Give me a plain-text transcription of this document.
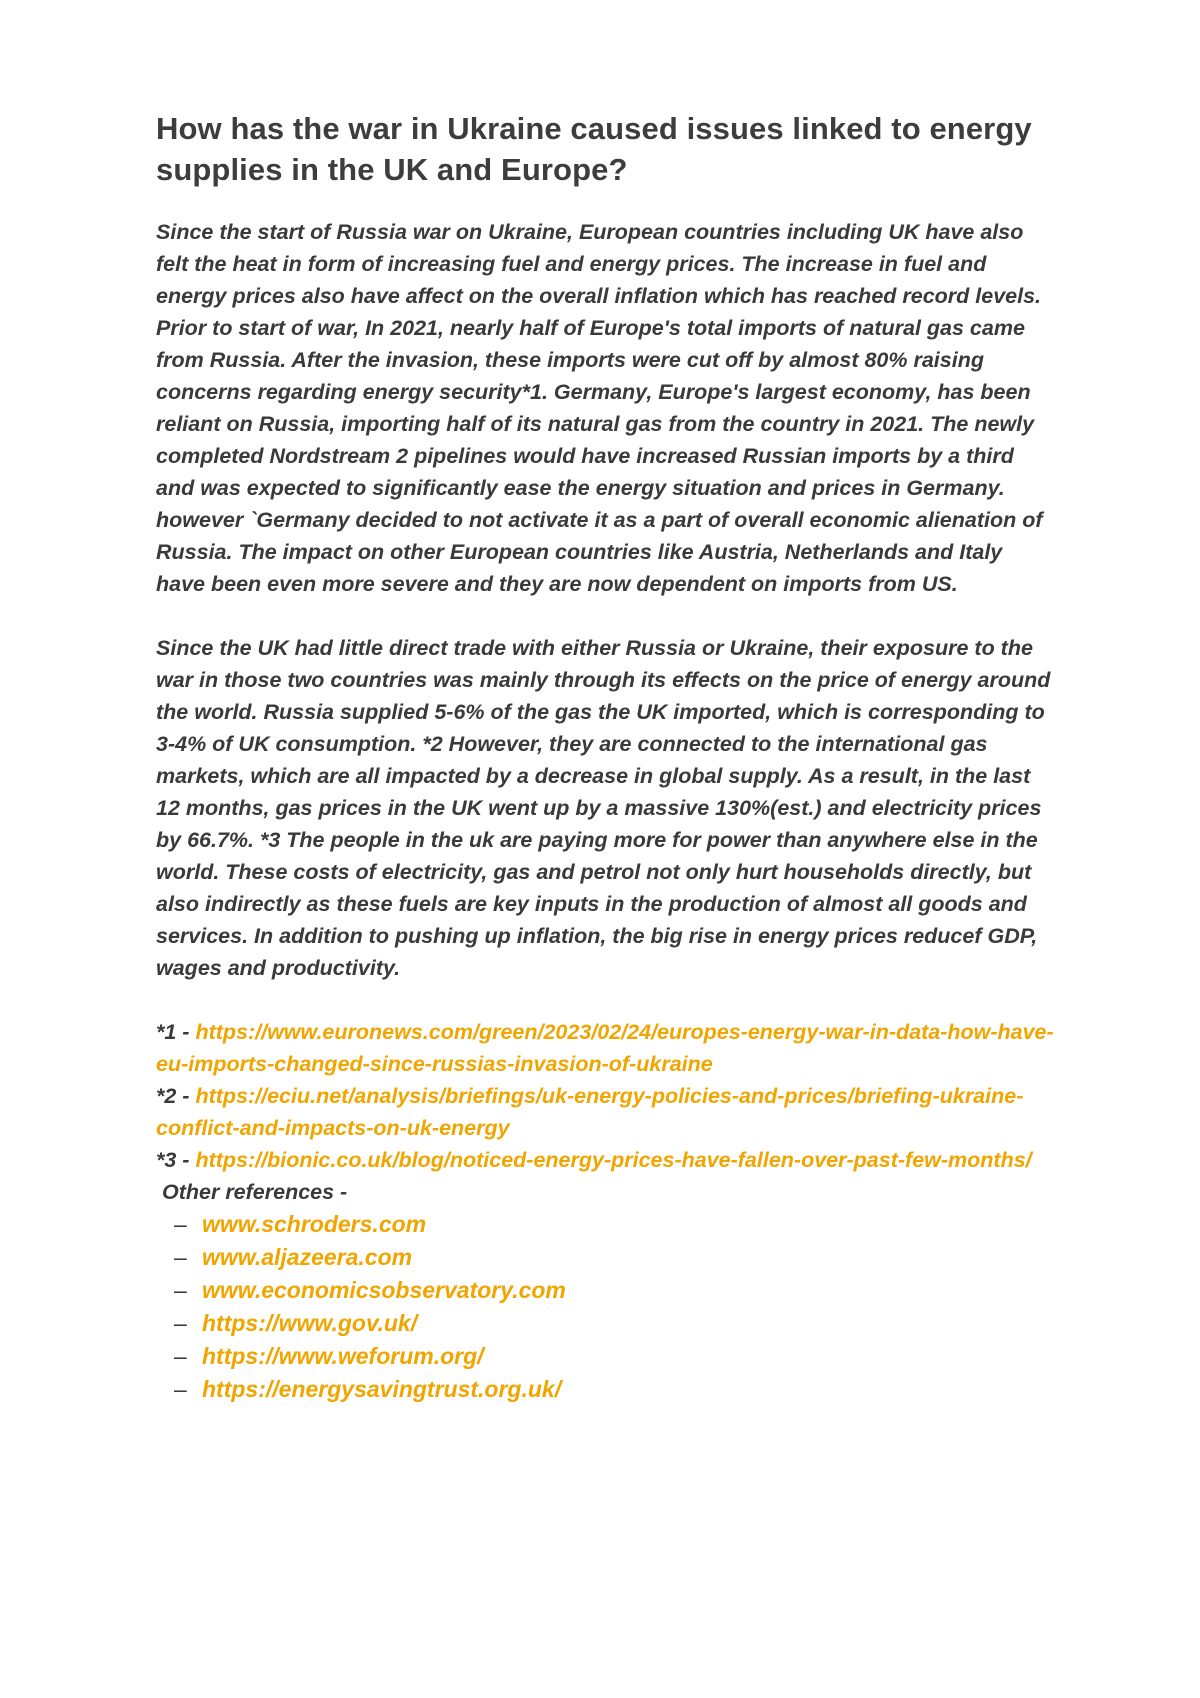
How has the war in Ukraine caused issues linked to energy supplies in the UK and Europe?

Since the start of Russia war on Ukraine, European countries including UK have also felt the heat in form of increasing fuel and energy prices. The increase in fuel and energy prices also have affect on the overall inflation which has reached record levels. Prior to start of war, In 2021, nearly half of Europe's total imports of natural gas came from Russia. After the invasion, these imports were cut off by almost 80% raising concerns regarding energy security*1. Germany, Europe's largest economy, has been reliant on Russia, importing half of its natural gas from the country in 2021. The newly completed Nordstream 2 pipelines would have increased Russian imports by a third and was expected to significantly ease the energy situation and prices in Germany. however `Germany decided to not activate it as a part of overall economic alienation of Russia. The impact on other European countries like Austria, Netherlands and Italy have been even more severe and they are now dependent on imports from US.

Since the UK had little direct trade with either Russia or Ukraine, their exposure to the war in those two countries was mainly through its effects on the price of energy around the world. Russia supplied 5-6% of the gas the UK imported, which is corresponding to 3-4% of UK consumption. *2 However, they are connected to the international gas markets, which are all impacted by a decrease in global supply. As a result, in the last 12 months, gas prices in the UK went up by a massive 130%(est.) and electricity prices by 66.7%. *3 The people in the uk are paying more for power than anywhere else in the world. These costs of electricity, gas and petrol not only hurt households directly, but also indirectly as these fuels are key inputs in the production of almost all goods and services. In addition to pushing up inflation, the big rise in energy prices reducef GDP, wages and productivity.

*1 - https://www.euronews.com/green/2023/02/24/europes-energy-war-in-data-how-have-eu-imports-changed-since-russias-invasion-of-ukraine
*2 - https://eciu.net/analysis/briefings/uk-energy-policies-and-prices/briefing-ukraine-conflict-and-impacts-on-uk-energy
*3 - https://bionic.co.uk/blog/noticed-energy-prices-have-fallen-over-past-few-months/
Other references -
– www.schroders.com
– www.aljazeera.com
– www.economicsobservatory.com
– https://www.gov.uk/
– https://www.weforum.org/
– https://energysavingtrust.org.uk/
